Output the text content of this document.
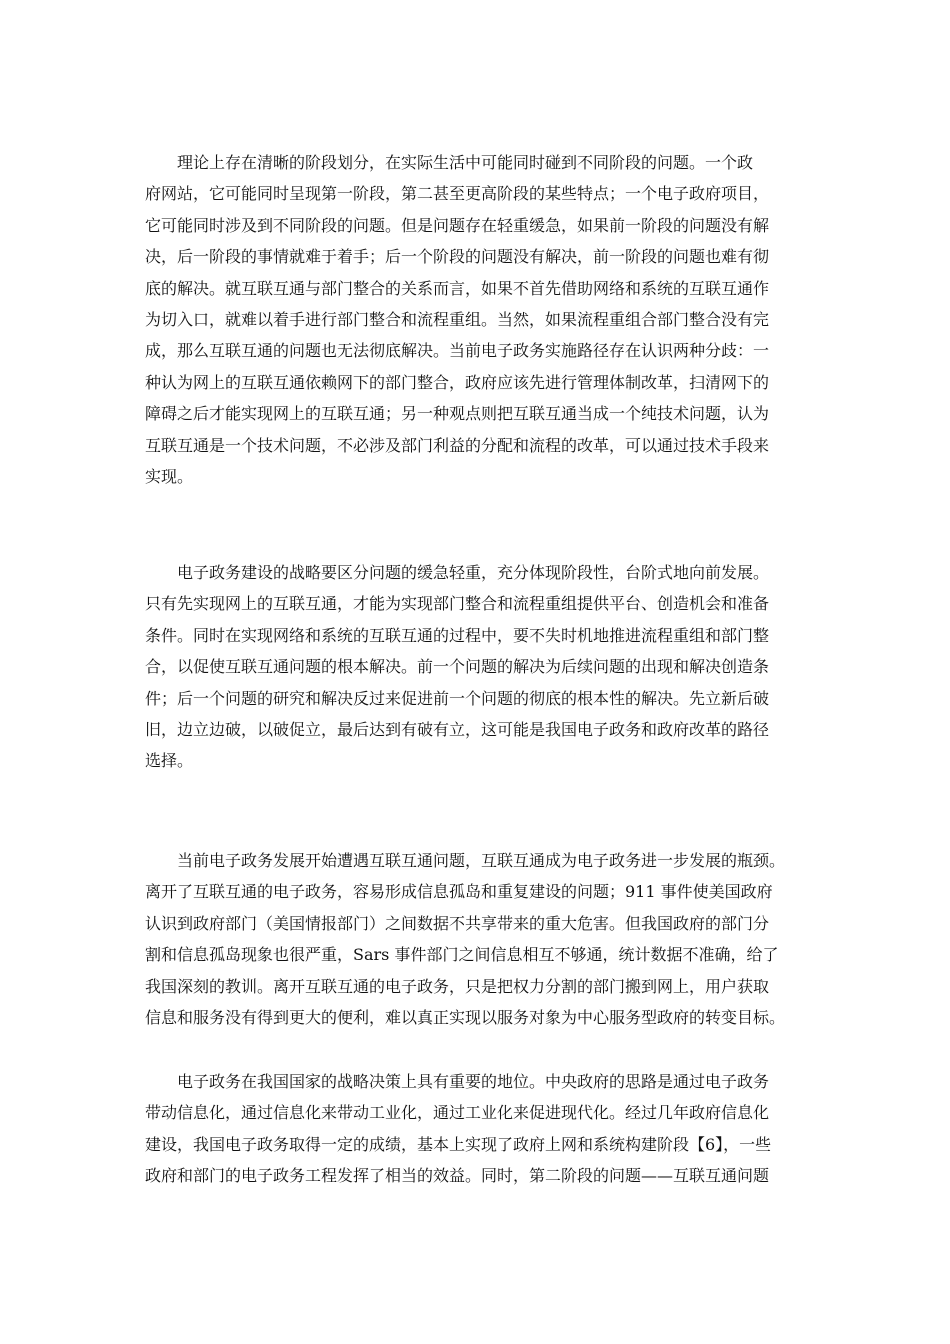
　　理论上存在清晰的阶段划分，在实际生活中可能同时碰到不同阶段的问题。一个政
府网站，它可能同时呈现第一阶段，第二甚至更高阶段的某些特点；一个电子政府项目，
它可能同时涉及到不同阶段的问题。但是问题存在轻重缓急，如果前一阶段的问题没有解
决，后一阶段的事情就难于着手；后一个阶段的问题没有解决，前一阶段的问题也难有彻
底的解决。就互联互通与部门整合的关系而言，如果不首先借助网络和系统的互联互通作
为切入口，就难以着手进行部门整合和流程重组。当然，如果流程重组合部门整合没有完
成，那么互联互通的问题也无法彻底解决。当前电子政务实施路径存在认识两种分歧：一
种认为网上的互联互通依赖网下的部门整合，政府应该先进行管理体制改革，扫清网下的
障碍之后才能实现网上的互联互通；另一种观点则把互联互通当成一个纯技术问题，认为
互联互通是一个技术问题，不必涉及部门利益的分配和流程的改革，可以通过技术手段来
实现。
　　电子政务建设的战略要区分问题的缓急轻重，充分体现阶段性，台阶式地向前发展。
只有先实现网上的互联互通，才能为实现部门整合和流程重组提供平台、创造机会和准备
条件。同时在实现网络和系统的互联互通的过程中，要不失时机地推进流程重组和部门整
合，以促使互联互通问题的根本解决。前一个问题的解决为后续问题的出现和解决创造条
件；后一个问题的研究和解决反过来促进前一个问题的彻底的根本性的解决。先立新后破
旧，边立边破，以破促立，最后达到有破有立，这可能是我国电子政务和政府改革的路径
选择。
　　当前电子政务发展开始遭遇互联互通问题，互联互通成为电子政务进一步发展的瓶颈。
离开了互联互通的电子政务，容易形成信息孤岛和重复建设的问题；911 事件使美国政府
认识到政府部门（美国情报部门）之间数据不共享带来的重大危害。但我国政府的部门分
割和信息孤岛现象也很严重，Sars 事件部门之间信息相互不够通，统计数据不准确，给了
我国深刻的教训。离开互联互通的电子政务，只是把权力分割的部门搬到网上，用户获取
信息和服务没有得到更大的便利，难以真正实现以服务对象为中心服务型政府的转变目标。
　　电子政务在我国国家的战略决策上具有重要的地位。中央政府的思路是通过电子政务
带动信息化，通过信息化来带动工业化，通过工业化来促进现代化。经过几年政府信息化
建设，我国电子政务取得一定的成绩，基本上实现了政府上网和系统构建阶段【6】，一些
政府和部门的电子政务工程发挥了相当的效益。同时，第二阶段的问题——互联互通问题
